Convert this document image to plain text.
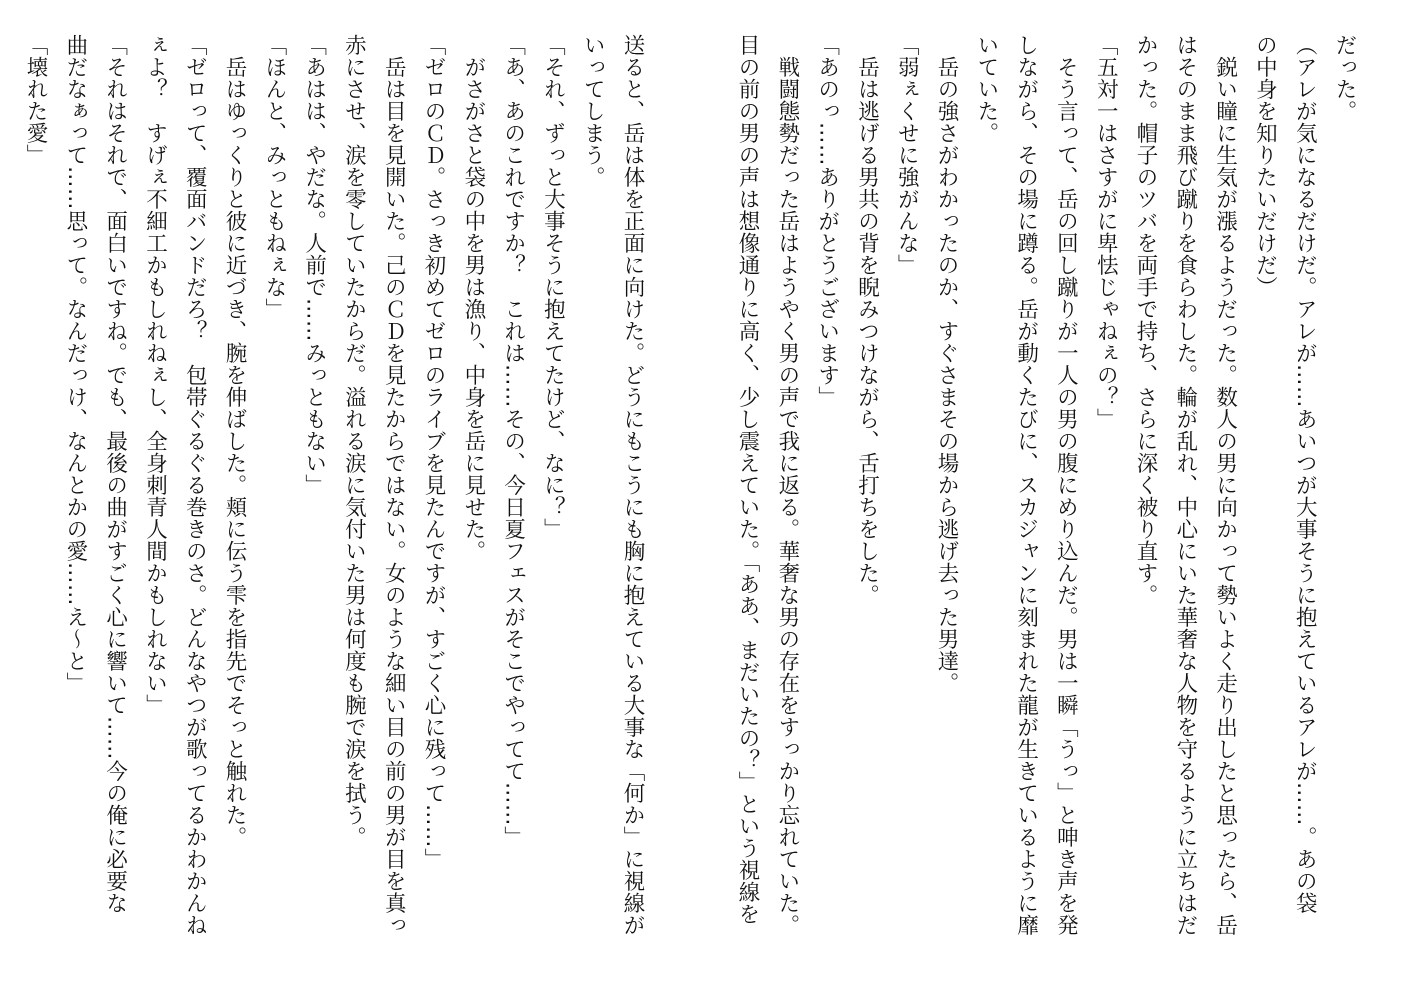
だった。
（アレが気になるだけだ。アレが……あいつが大事そうに抱えているアレが……。あの袋
の中身を知りたいだけだ）
　鋭い瞳に生気が漲るようだった。数人の男に向かって勢いよく走り出したと思ったら、岳
はそのまま飛び蹴りを食らわした。輪が乱れ、中心にいた華奢な人物を守るように立ちはだ
かった。帽子のツバを両手で持ち、さらに深く被り直す。
「五対一はさすがに卑怯じゃねぇの？」
　そう言って、岳の回し蹴りが一人の男の腹にめり込んだ。男は一瞬「うっ」と呻き声を発
しながら、その場に蹲る。岳が動くたびに、スカジャンに刻まれた龍が生きているように靡
いていた。
　岳の強さがわかったのか、すぐさまその場から逃げ去った男達。
「弱ぇくせに強がんな」
　岳は逃げる男共の背を睨みつけながら、舌打ちをした。
「あのっ……ありがとうございます」
　戦闘態勢だった岳はようやく男の声で我に返る。華奢な男の存在をすっかり忘れていた。
目の前の男の声は想像通りに高く、少し震えていた。「ああ、まだいたの？」という視線を
送ると、岳は体を正面に向けた。どうにもこうにも胸に抱えている大事な「何か」に視線が
いってしまう。
「それ、ずっと大事そうに抱えてたけど、なに？」
「あ、あのこれですか？　これは……その、今日夏フェスがそこでやってて……」
　がさがさと袋の中を男は漁り、中身を岳に見せた。
「ゼロのＣＤ。さっき初めてゼロのライブを見たんですが、すごく心に残って……」
　岳は目を見開いた。己のＣＤを見たからではない。女のような細い目の前の男が目を真っ
赤にさせ、涙を零していたからだ。溢れる涙に気付いた男は何度も腕で涙を拭う。
「あはは、やだな。人前で……みっともない」
「ほんと、みっともねぇな」
　岳はゆっくりと彼に近づき、腕を伸ばした。頬に伝う雫を指先でそっと触れた。
「ゼロって、覆面バンドだろ？　包帯ぐるぐる巻きのさ。どんなやつが歌ってるかわかんね
ぇよ？　すげぇ不細工かもしれねぇし、全身刺青人間かもしれない」
「それはそれで、面白いですね。でも、最後の曲がすごく心に響いて……今の俺に必要な
曲だなぁって……思って。なんだっけ、なんとかの愛……え～と」
「壊れた愛」
